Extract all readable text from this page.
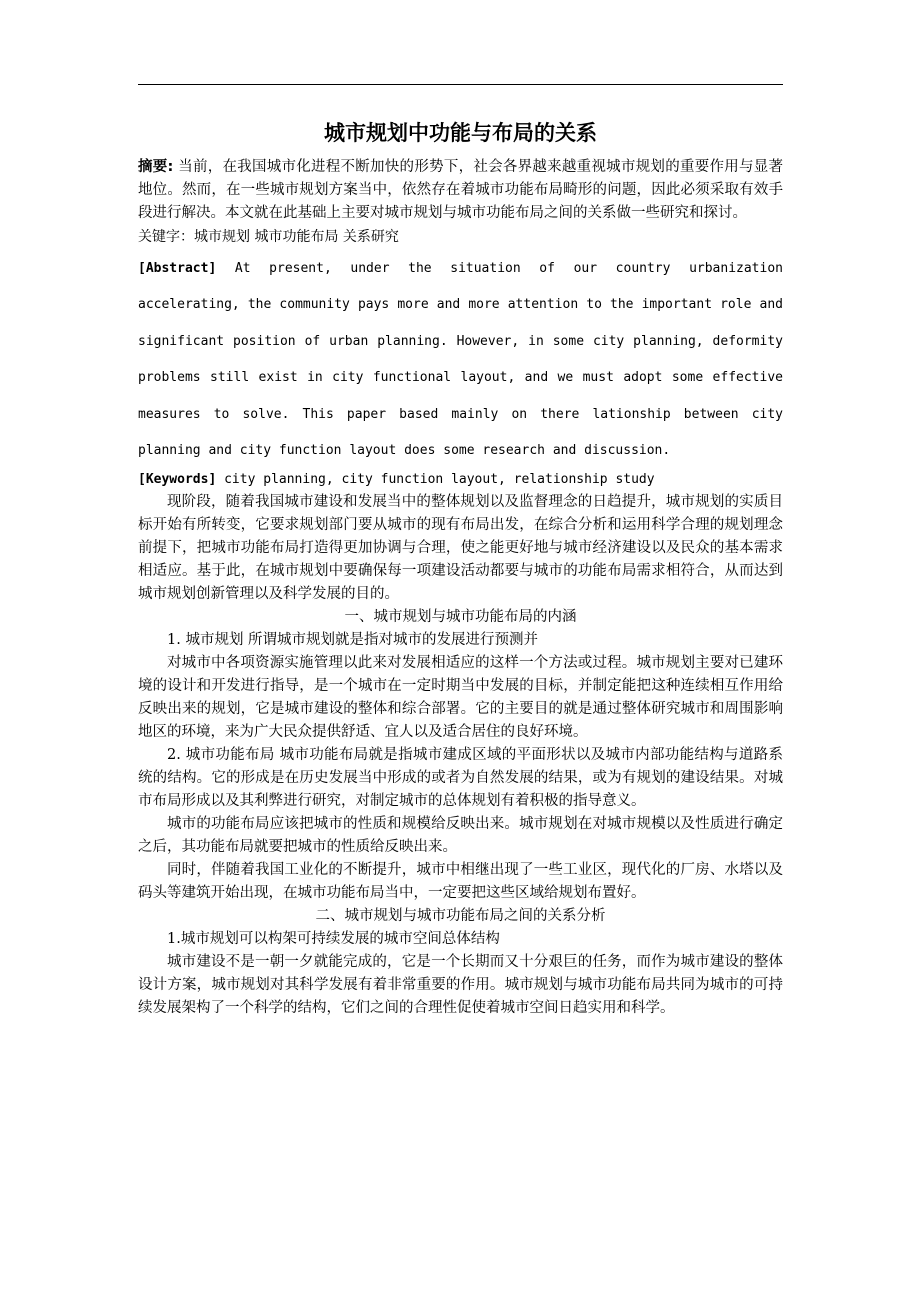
城市规划中功能与布局的关系

摘要: 当前，在我国城市化进程不断加快的形势下，社会各界越来越重视城市规划的重要作用与显著地位。然而，在一些城市规划方案当中，依然存在着城市功能布局畸形的问题，因此必须采取有效手段进行解决。本文就在此基础上主要对城市规划与城市功能布局之间的关系做一些研究和探讨。

关键字：城市规划 城市功能布局 关系研究

[Abstract] At present, under the situation of our country urbanization accelerating, the community pays more and more attention to the important role and significant position of urban planning. However, in some city planning, deformity problems still exist in city functional layout, and we must adopt some effective measures to solve. This paper based mainly on there lationship between city planning and city function layout does some research and discussion.

[Keywords] city planning, city function layout, relationship study

现阶段，随着我国城市建设和发展当中的整体规划以及监督理念的日趋提升，城市规划的实质目标开始有所转变，它要求规划部门要从城市的现有布局出发，在综合分析和运用科学合理的规划理念前提下，把城市功能布局打造得更加协调与合理，使之能更好地与城市经济建设以及民众的基本需求相适应。基于此，在城市规划中要确保每一项建设活动都要与城市的功能布局需求相符合，从而达到城市规划创新管理以及科学发展的目的。

一、城市规划与城市功能布局的内涵

1. 城市规划 所谓城市规划就是指对城市的发展进行预测并

对城市中各项资源实施管理以此来对发展相适应的这样一个方法或过程。城市规划主要对已建环境的设计和开发进行指导，是一个城市在一定时期当中发展的目标，并制定能把这种连续相互作用给反映出来的规划，它是城市建设的整体和综合部署。它的主要目的就是通过整体研究城市和周围影响地区的环境，来为广大民众提供舒适、宜人以及适合居住的良好环境。

2. 城市功能布局 城市功能布局就是指城市建成区域的平面形状以及城市内部功能结构与道路系统的结构。它的形成是在历史发展当中形成的或者为自然发展的结果，或为有规划的建设结果。对城市布局形成以及其利弊进行研究，对制定城市的总体规划有着积极的指导意义。

城市的功能布局应该把城市的性质和规模给反映出来。城市规划在对城市规模以及性质进行确定之后，其功能布局就要把城市的性质给反映出来。

同时，伴随着我国工业化的不断提升，城市中相继出现了一些工业区，现代化的厂房、水塔以及码头等建筑开始出现，在城市功能布局当中，一定要把这些区域给规划布置好。

二、城市规划与城市功能布局之间的关系分析

1.城市规划可以构架可持续发展的城市空间总体结构

城市建设不是一朝一夕就能完成的，它是一个长期而又十分艰巨的任务，而作为城市建设的整体设计方案，城市规划对其科学发展有着非常重要的作用。城市规划与城市功能布局共同为城市的可持续发展架构了一个科学的结构，它们之间的合理性促使着城市空间日趋实用和科学。
